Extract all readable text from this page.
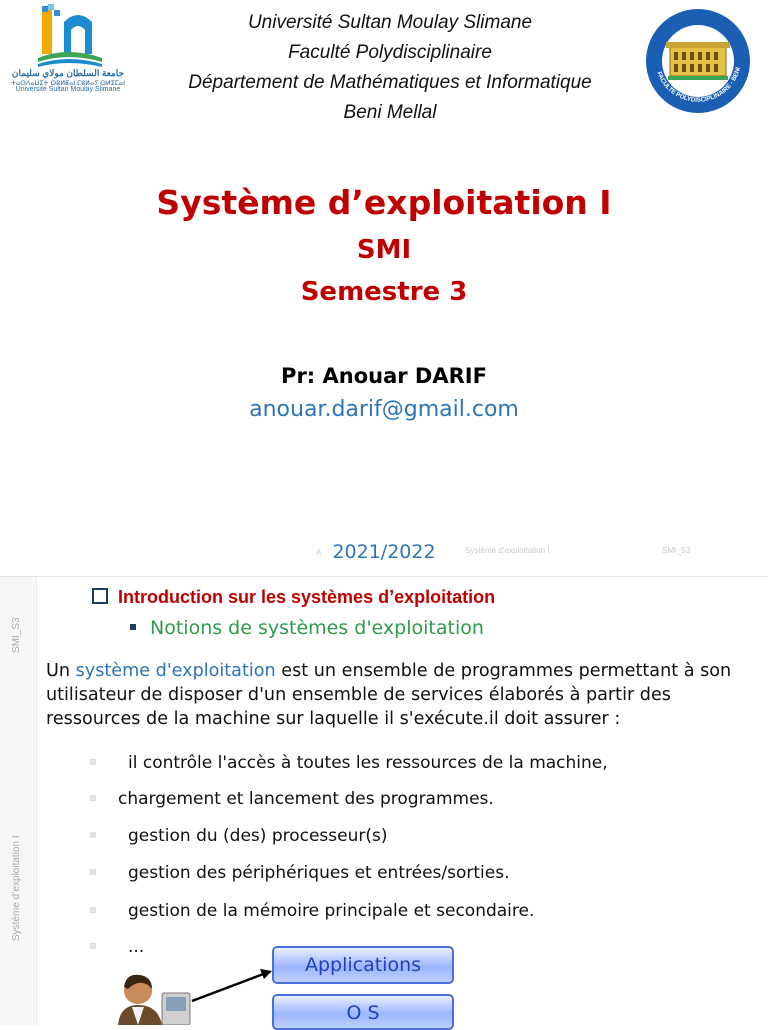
جامعة السلطان مولاي سليمان
ⵜⴰⵙⴷⴰⵡⵉⵜ ⵙⵓⵍⵟⴰⵏ ⵎⵓⵍⴰⵢ ⵙⵍⵉⵎⴰⵏ
Université Sultan Moulay Slimane
Université Sultan Moulay Slimane
Faculté Polydisciplinaire
Département de Mathématiques et Informatique
Beni Mellal
FACULTE POLYDISCIPLINAIRE - BENI
Système d’exploitation I
SMI
Semestre 3
Pr: Anouar DARIF
anouar.darif@gmail.com
A	Système d’exploitation I	SMI_S3
2021/2022
SMI_S3
Système d’exploitation I
Introduction sur les systèmes d’exploitation
Notions de systèmes d'exploitation
Un système d'exploitation est un ensemble de programmes permettant à son utilisateur de disposer d'un ensemble de services élaborés à partir des ressources de la machine sur laquelle il s'exécute.il doit assurer :
il contrôle l'accès à toutes les ressources de la machine,
chargement et lancement des programmes.
gestion du (des) processeur(s)
gestion des périphériques et entrées/sorties.
gestion de la mémoire principale et secondaire.
...
Applications
O S
